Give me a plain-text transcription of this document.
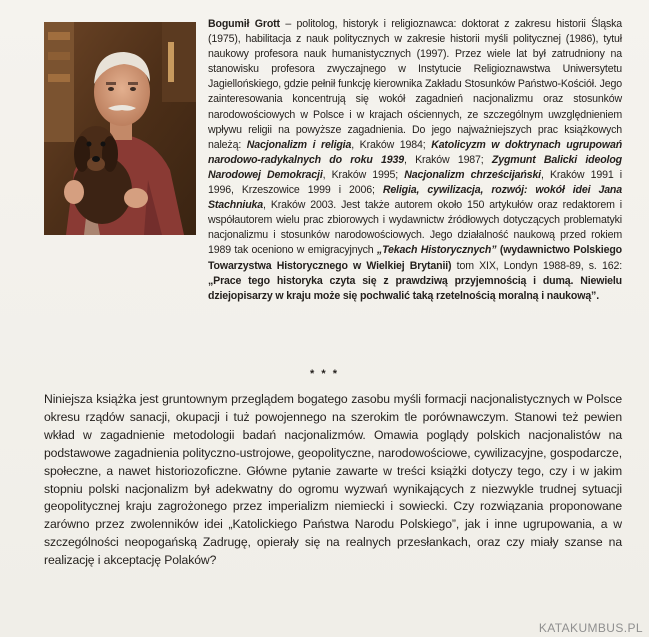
Bogumił Grott – politolog, historyk i religioznawca: doktorat z zakresu historii Śląska (1975), habilitacja z nauk politycznych w zakresie historii myśli politycznej (1986), tytuł naukowy profesora nauk humanistycznych (1997). Przez wiele lat był zatrudniony na stanowisku profesora zwyczajnego w Instytucie Religioznawstwa Uniwersytetu Jagiellońskiego, gdzie pełnił funkcję kierownika Zakładu Stosunków Państwo-Kościół. Jego zainteresowania koncentrują się wokół zagadnień nacjonalizmu oraz stosunków narodowościowych w Polsce i w krajach ościennych, ze szczególnym uwzględnieniem wpływu religii na powyższe zagadnienia. Do jego najważniejszych prac książkowych należą: Nacjonalizm i religia, Kraków 1984; Katolicyzm w doktrynach ugrupowań narodowo-radykalnych do roku 1939, Kraków 1987; Zygmunt Balicki ideolog Narodowej Demokracji, Kraków 1995; Nacjonalizm chrześcijański, Kraków 1991 i 1996, Krzeszowice 1999 i 2006; Religia, cywilizacja, rozwój: wokół idei Jana Stachniuka, Kraków 2003. Jest także autorem około 150 artykułów oraz redaktorem i współautorem wielu prac zbiorowych i wydawnictw źródłowych dotyczących problematyki nacjonalizmu i stosunków narodowościowych. Jego działalność naukową przed rokiem 1989 tak oceniono w emigracyjnych „Tekach Historycznych” (wydawnictwo Polskiego Towarzystwa Historycznego w Wielkiej Brytanii) tom XIX, Londyn 1988-89, s. 162: „Prace tego historyka czyta się z prawdziwą przyjemnością i dumą. Niewielu dziejopisarzy w kraju może się pochwalić taką rzetelnością moralną i naukową”.
* * *
Niniejsza książka jest gruntownym przeglądem bogatego zasobu myśli formacji nacjonalistycznych w Polsce okresu rządów sanacji, okupacji i tuż powojennego na szerokim tle porównawczym. Stanowi też pewien wkład w zagadnienie metodologii badań nacjonalizmów. Omawia poglądy polskich nacjonalistów na podstawowe zagadnienia polityczno-ustrojowe, geopolityczne, narodowościowe, cywilizacyjne, gospodarcze, społeczne, a nawet historiozoficzne. Główne pytanie zawarte w treści książki dotyczy tego, czy i w jakim stopniu polski nacjonalizm był adekwatny do ogromu wyzwań wynikających z niezwykle trudnej sytuacji geopolitycznej kraju zagrożonego przez imperializm niemiecki i sowiecki. Czy rozwiązania proponowane zarówno przez zwolenników idei „Katolickiego Państwa Narodu Polskiego”, jak i inne ugrupowania, a w szczególności neopogańską Zadrugę, opierały się na realnych przesłankach, oraz czy miały szanse na realizację i akceptację Polaków?
KATAKUMBUS.PL
